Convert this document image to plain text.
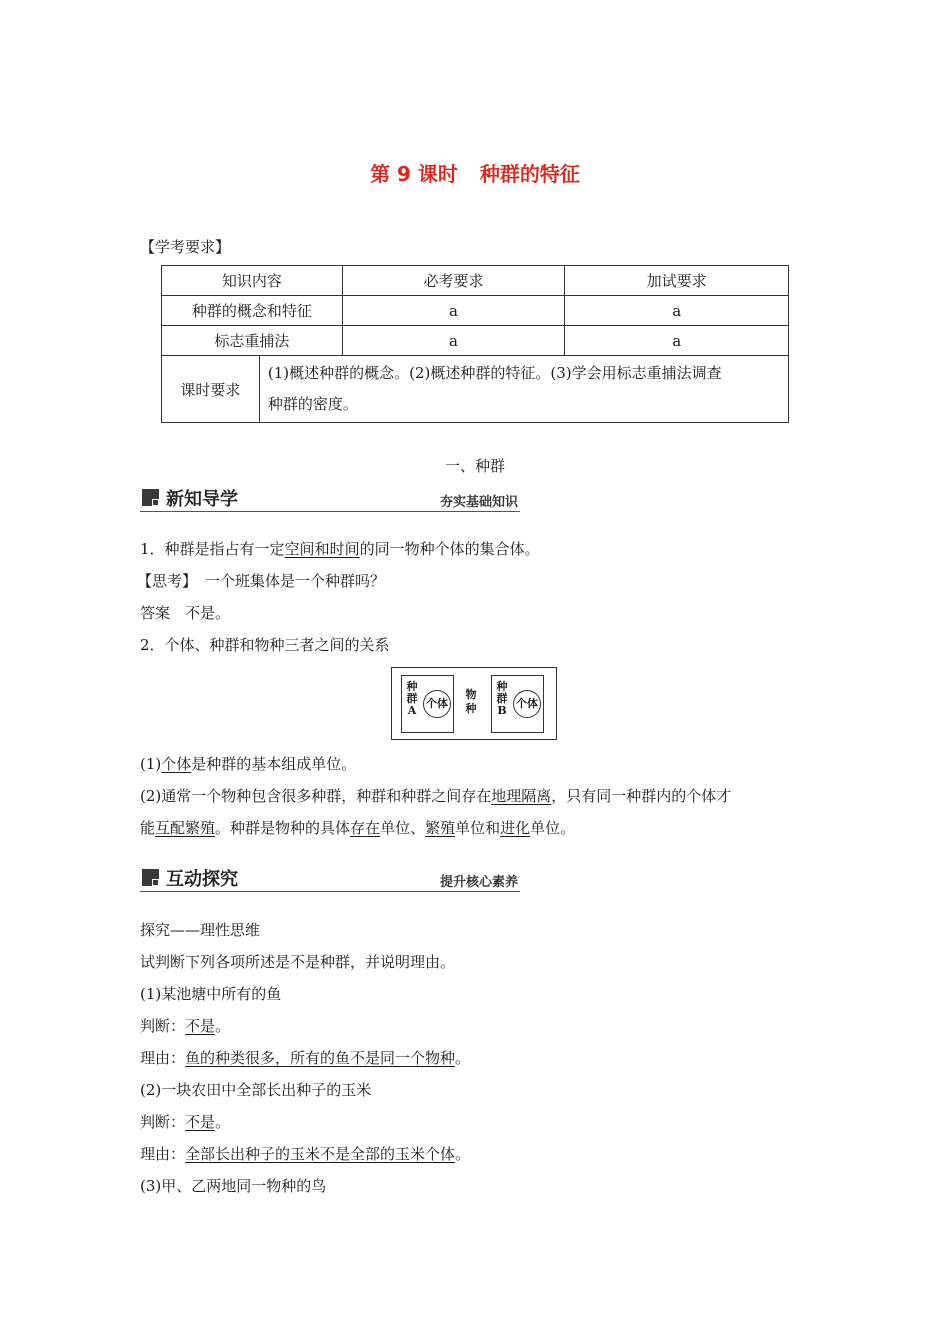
第 9 课时 种群的特征
【学考要求】
知识内容		必考要求	加试要求
种群的概念和特征		a	a
标志重捕法		a	a
课时要求	(1)概述种群的概念。(2)概述种群的特征。(3)学会用标志重捕法调查
种群的密度。		
一、种群
新知导学	夯实基础知识
1．种群是指占有一定空间和时间的同一物种个体的集合体。
【思考】 一个班集体是一个种群吗？
答案 不是。
2．个体、种群和物种三者之间的关系
种群A
个体
物种
种群B
个体
(1)个体是种群的基本组成单位。
(2)通常一个物种包含很多种群，种群和种群之间存在地理隔离，只有同一种群内的个体才
能互配繁殖。种群是物种的具体存在单位、繁殖单位和进化单位。
互动探究	提升核心素养
探究——理性思维
试判断下列各项所述是不是种群，并说明理由。
(1)某池塘中所有的鱼
判断：不是。
理由：鱼的种类很多，所有的鱼不是同一个物种。
(2)一块农田中全部长出种子的玉米
判断：不是。
理由：全部长出种子的玉米不是全部的玉米个体。
(3)甲、乙两地同一物种的鸟
